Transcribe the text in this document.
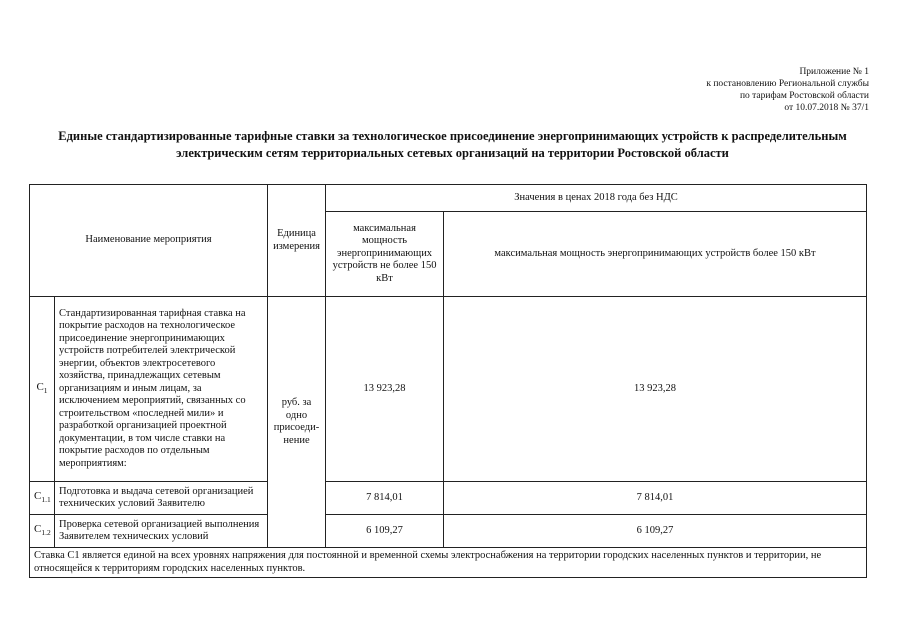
Приложение № 1
к постановлению Региональной службы
по тарифам Ростовской области
от 10.07.2018 № 37/1
Единые стандартизированные тарифные ставки за технологическое присоединение энергопринимающих устройств к распределительным электрическим сетям территориальных сетевых организаций на территории Ростовской области
Наименование мероприятия		Единица измерения	Значения в ценах 2018 года без НДС	
			максимальная мощность энергопринимающих устройств не более 150 кВт	максимальная мощность энергопринимающих устройств более 150 кВт
$C_1$	Стандартизированная тарифная ставка на покрытие расходов на технологическое присоединение энергопринимающих устройств потребителей электрической энергии, объектов электросетевого хозяйства, принадлежащих сетевым организациям и иным лицам, за исключением мероприятий, связанных со строительством «последней мили» и разработкой организацией проектной документации, в том числе ставки на покрытие расходов по отдельным мероприятиям:	руб. за одно присоеди-нение	13 923,28	13 923,28
$C_{1.1}$	Подготовка и выдача сетевой организацией технических условий Заявителю		7 814,01	7 814,01
$C_{1.2}$	Проверка сетевой организацией выполнения Заявителем технических условий		6 109,27	6 109,27
Ставка С1 является единой на всех уровнях напряжения для постоянной и временной схемы электроснабжения на территории городских населенных пунктов и территории, не относящейся к территориям городских населенных пунктов.				
